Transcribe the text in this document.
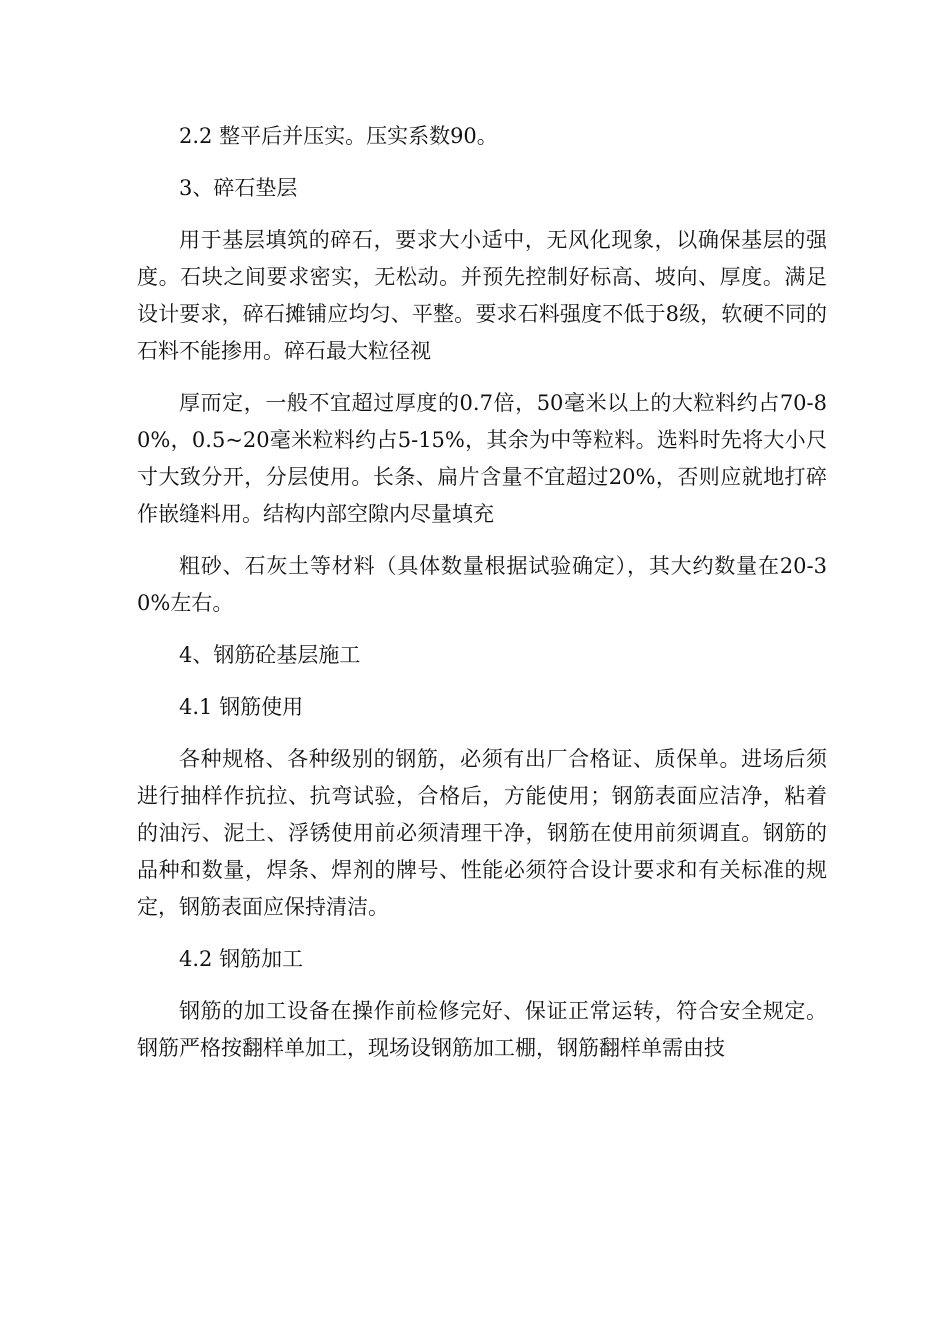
2.2 整平后并压实。压实系数90。

3、碎石垫层

用于基层填筑的碎石，要求大小适中，无风化现象，以确保基层的强度。石块之间要求密实，无松动。并预先控制好标高、坡向、厚度。满足设计要求，碎石摊铺应均匀、平整。要求石料强度不低于8级，软硬不同的石料不能掺用。碎石最大粒径视

厚而定，一般不宜超过厚度的0.7倍，50毫米以上的大粒料约占70-80%，0.5~20毫米粒料约占5-15%，其余为中等粒料。选料时先将大小尺寸大致分开，分层使用。长条、扁片含量不宜超过20%，否则应就地打碎作嵌缝料用。结构内部空隙内尽量填充

粗砂、石灰土等材料（具体数量根据试验确定），其大约数量在20-30%左右。

4、钢筋砼基层施工

4.1 钢筋使用

各种规格、各种级别的钢筋，必须有出厂合格证、质保单。进场后须进行抽样作抗拉、抗弯试验，合格后，方能使用；钢筋表面应洁净，粘着的油污、泥土、浮锈使用前必须清理干净，钢筋在使用前须调直。钢筋的品种和数量，焊条、焊剂的牌号、性能必须符合设计要求和有关标准的规定，钢筋表面应保持清洁。

4.2 钢筋加工

钢筋的加工设备在操作前检修完好、保证正常运转，符合安全规定。钢筋严格按翻样单加工，现场设钢筋加工棚，钢筋翻样单需由技
